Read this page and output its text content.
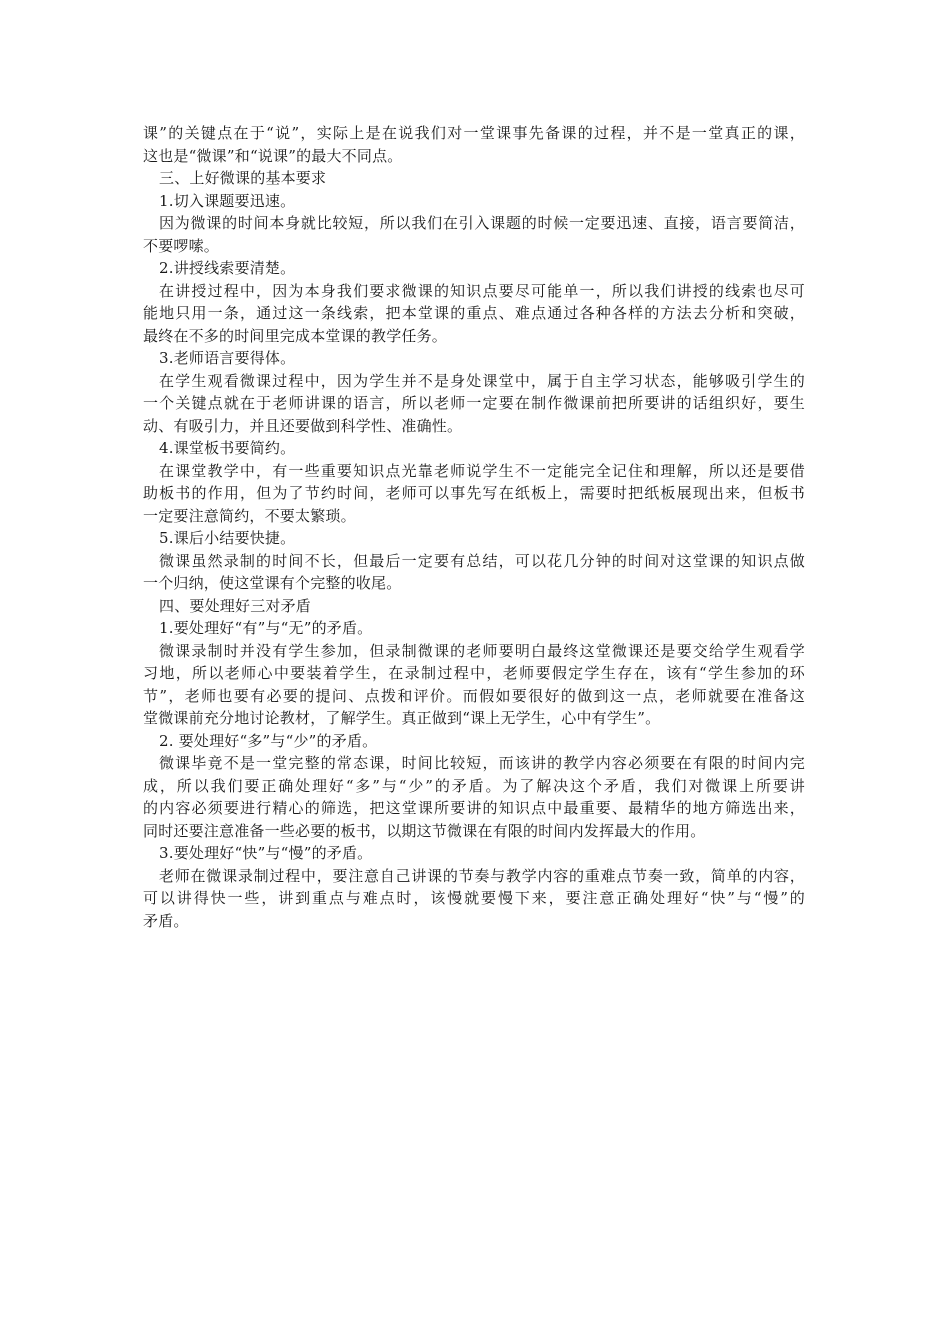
课”的关键点在于“说”，实际上是在说我们对一堂课事先备课的过程，并不是一堂真正的课，
这也是“微课”和“说课”的最大不同点。
三、上好微课的基本要求
1.切入课题要迅速。
因为微课的时间本身就比较短，所以我们在引入课题的时候一定要迅速、直接，语言要简洁，
不要啰嗦。
2.讲授线索要清楚。
在讲授过程中，因为本身我们要求微课的知识点要尽可能单一，所以我们讲授的线索也尽可
能地只用一条，通过这一条线索，把本堂课的重点、难点通过各种各样的方法去分析和突破，
最终在不多的时间里完成本堂课的教学任务。
3.老师语言要得体。
在学生观看微课过程中，因为学生并不是身处课堂中，属于自主学习状态，能够吸引学生的
一个关键点就在于老师讲课的语言，所以老师一定要在制作微课前把所要讲的话组织好，要生
动、有吸引力，并且还要做到科学性、准确性。
4.课堂板书要简约。
在课堂教学中，有一些重要知识点光靠老师说学生不一定能完全记住和理解，所以还是要借
助板书的作用，但为了节约时间，老师可以事先写在纸板上，需要时把纸板展现出来，但板书
一定要注意简约，不要太繁琐。
5.课后小结要快捷。
微课虽然录制的时间不长，但最后一定要有总结，可以花几分钟的时间对这堂课的知识点做
一个归纳，使这堂课有个完整的收尾。
四、要处理好三对矛盾
1.要处理好“有”与“无”的矛盾。
微课录制时并没有学生参加，但录制微课的老师要明白最终这堂微课还是要交给学生观看学
习地，所以老师心中要装着学生，在录制过程中，老师要假定学生存在，该有“学生参加的环
节”，老师也要有必要的提问、点拨和评价。而假如要很好的做到这一点，老师就要在准备这
堂微课前充分地讨论教材，了解学生。真正做到“课上无学生，心中有学生”。
2. 要处理好“多”与“少”的矛盾。
微课毕竟不是一堂完整的常态课，时间比较短，而该讲的教学内容必须要在有限的时间内完
成，所以我们要正确处理好“多”与“少”的矛盾。为了解决这个矛盾，我们对微课上所要讲
的内容必须要进行精心的筛选，把这堂课所要讲的知识点中最重要、最精华的地方筛选出来，
同时还要注意准备一些必要的板书，以期这节微课在有限的时间内发挥最大的作用。
3.要处理好“快”与“慢”的矛盾。
老师在微课录制过程中，要注意自己讲课的节奏与教学内容的重难点节奏一致，简单的内容，
可以讲得快一些，讲到重点与难点时，该慢就要慢下来，要注意正确处理好“快”与“慢”的
矛盾。
